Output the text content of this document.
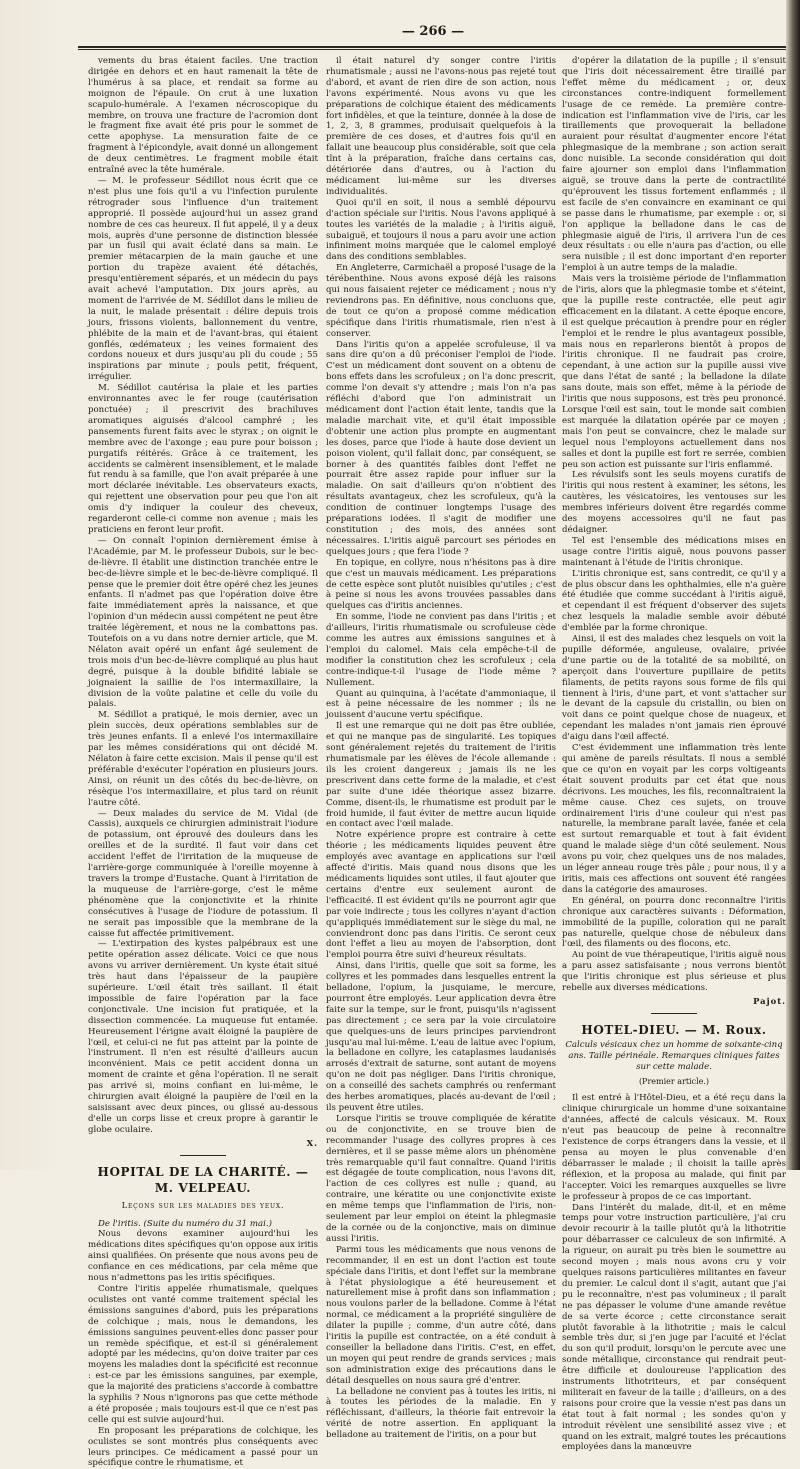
— 266 —

vements du bras étaient faciles. Une traction dirigée en dehors et en haut ramenait la tête de l'humérus à sa place, et rendait sa forme au moignon de l'épaule. On crut à une luxation scapulo-humérale. A l'examen nécroscopique du membre, on trouva une fracture de l'acromion dont le fragment fixe avait été pris pour le sommet de cette apophyse. La mensuration faite de ce fragment à l'épicondyle, avait donné un allongement de deux centimètres. Le fragment mobile était entraîné avec la tête humérale.

— M. le professeur Sédillot nous écrit que ce n'est plus une fois qu'il a vu l'infection purulente rétrograder sous l'influence d'un traitement approprié. Il possède aujourd'hui un assez grand nombre de ces cas heureux. Il fut appelé, il y a deux mois, auprès d'une personne de distinction blessée par un fusil qui avait éclaté dans sa main. Le premier métacarpien de la main gauche et une portion du trapèze avaient été détachés, presqu'entièrement séparés, et un médecin du pays avait achevé l'amputation. Dix jours après, au moment de l'arrivée de M. Sédillot dans le milieu de la nuit, le malade présentait : délire depuis trois jours, frissons violents, ballonnement du ventre, phlébite de la main et de l'avant-bras, qui étaient gonflés, œdémateux ; les veines formaient des cordons noueux et durs jusqu'au pli du coude ; 55 inspirations par minute ; pouls petit, fréquent, irrégulier.

M. Sédillot cautérisa la plaie et les parties environnantes avec le fer rouge (cautérisation ponctuée) ; il prescrivit des brachiluves aromatiques aiguisés d'alcool camphré ; les pansements furent faits avec le styrax ; on oignit le membre avec de l'axonge ; eau pure pour boisson ; purgatifs réitérés. Grâce à ce traitement, les accidents se calmèrent insensiblement, et le malade fut rendu à sa famille, que l'on avait préparée à une mort déclarée inévitable. Les observateurs exacts, qui rejettent une observation pour peu que l'on ait omis d'y indiquer la couleur des cheveux, regarderont celle-ci comme non avenue ; mais les praticiens en feront leur profit.

— On connaît l'opinion dernièrement émise à l'Académie, par M. le professeur Dubois, sur le bec-de-lièvre. Il établit une distinction tranchée entre le bec-de-lièvre simple et le bec-de-lièvre compliqué. Il pense que le premier doit être opéré chez les jeunes enfants. Il n'admet pas que l'opération doive être faite immédiatement après la naissance, et que l'opinion d'un médecin aussi compétent ne peut être traitée légèrement, et nous ne la combattons pas. Toutefois on a vu dans notre dernier article, que M. Nélaton avait opéré un enfant âgé seulement de trois mois d'un bec-de-lièvre compliqué au plus haut degré, puisque à la double bifidité labiale se joignaient la saillie de l'os intermaxillaire, la division de la voûte palatine et celle du voile du palais.

M. Sédillot a pratiqué, le mois dernier, avec un plein succès, deux opérations semblables sur de très jeunes enfants. Il a enlevé l'os intermaxillaire par les mêmes considérations qui ont décidé M. Nélaton à faire cette excision. Mais il pense qu'il est préférable d'exécuter l'opération en plusieurs jours. Ainsi, on réunit un des côtés du bec-de-lièvre, on résèque l'os intermaxillaire, et plus tard on réunit l'autre côté.

— Deux malades du service de M. Vidal (de Cassis), auxquels ce chirurgien administrait l'iodure de potassium, ont éprouvé des douleurs dans les oreilles et de la surdité. Il faut voir dans cet accident l'effet de l'irritation de la muqueuse de l'arrière-gorge communiquée à l'oreille moyenne à travers la trompe d'Eustache. Quant à l'irritation de la muqueuse de l'arrière-gorge, c'est le même phénomène que la conjonctivite et la rhinite consécutives à l'usage de l'iodure de potassium. Il ne serait pas impossible que la membrane de la caisse fut affectée primitivement.

— L'extirpation des kystes palpébraux est une petite opération assez délicate. Voici ce que nous avons vu arriver dernièrement. Un kyste était situé très haut dans l'épaisseur de la paupière supérieure. L'œil était très saillant. Il était impossible de faire l'opération par la face conjonctivale. Une incision fut pratiquée, et la dissection commencée. La muqueuse fut entamée. Heureusement l'érigne avait éloigné la paupière de l'œil, et celui-ci ne fut pas atteint par la pointe de l'instrument. Il n'en est résulté d'ailleurs aucun inconvénient. Mais ce petit accident donna un moment de crainte et gêna l'opération. Il ne serait pas arrivé si, moins confiant en lui-même, le chirurgien avait éloigné la paupière de l'œil en la saisissant avec deux pinces, ou glissé au-dessous d'elle un corps lisse et creux propre à garantir le globe oculaire.

X.

HOPITAL DE LA CHARITÉ. — M. VELPEAU.

Leçons sur les maladies des yeux.

De l'iritis. (Suite du numéro du 31 mai.)

Nous devons examiner aujourd'hui les médications dites spécifiques qu'on oppose aux iritis ainsi qualifiées. On présente que nous avons peu de confiance en ces médications, par cela même que nous n'admettons pas les iritis spécifiques.

Contre l'iritis appelée rhumatismale, quelques oculistes ont vanté comme traitement spécial les émissions sanguines d'abord, puis les préparations de colchique ; mais, nous le demandons, les émissions sanguines peuvent-elles donc passer pour un remède spécifique, et est-il si généralement adopté par les médecins, qu'on doive traiter par ces moyens les maladies dont la spécificité est reconnue : est-ce par les émissions sanguines, par exemple, que la majorité des praticiens s'accorde à combattre la syphilis ? Nous n'ignorons pas que cette méthode a été proposée ; mais toujours est-il que ce n'est pas celle qui est suivie aujourd'hui.

En proposant les préparations de colchique, les oculistes se sont montrés plus conséquents avec leurs principes. Ce médicament a passé pour un spécifique contre le rhumatisme, et

il était naturel d'y songer contre l'iritis rhumatismale ; aussi ne l'avons-nous pas rejeté tout d'abord, et avant de rien dire de son action, nous l'avons expérimenté. Nous avons vu que les préparations de colchique étaient des médicaments fort infidèles, et que la teinture, donnée à la dose de 1, 2, 3, 8 grammes, produisait quelquefois à la première de ces doses, et d'autres fois qu'il en fallait une beaucoup plus considérable, soit que cela tînt à la préparation, fraîche dans certains cas, détériorée dans d'autres, ou à l'action du médicament lui-même sur les diverses individualités.

Quoi qu'il en soit, il nous a semblé dépourvu d'action spéciale sur l'iritis. Nous l'avons appliqué à toutes les variétés de la maladie ; à l'iritis aiguë, subaiguë, et toujours il nous a paru avoir une action infiniment moins marquée que le calomel employé dans des conditions semblables.

En Angleterre, Carmichaël a proposé l'usage de la térébenthine. Nous avons exposé déjà les raisons qui nous faisaient rejeter ce médicament ; nous n'y reviendrons pas. En définitive, nous concluons que, de tout ce qu'on a proposé comme médication spécifique dans l'iritis rhumatismale, rien n'est à conserver.

Dans l'iritis qu'on a appelée scrofuleuse, il va sans dire qu'on a dû préconiser l'emploi de l'iode. C'est un médicament dont souvent on a obtenu de bons effets dans les scrofuleux ; on l'a donc prescrit, comme l'on devait s'y attendre ; mais l'on n'a pas réfléchi d'abord que l'on administrait un médicament dont l'action était lente, tandis que la maladie marchait vite, et qu'il était impossible d'obtenir une action plus prompte en augmentant les doses, parce que l'iode à haute dose devient un poison violent, qu'il fallait donc, par conséquent, se borner à des quantités faibles dont l'effet ne pourrait être assez rapide pour influer sur la maladie. On sait d'ailleurs qu'on n'obtient des résultats avantageux, chez les scrofuleux, qu'à la condition de continuer longtemps l'usage des préparations iodées. Il s'agit de modifier une constitution ; des mois, des années sont nécessaires. L'iritis aiguë parcourt ses périodes en quelques jours ; que fera l'iode ?

En topique, en collyre, nous n'hésitons pas à dire que c'est un mauvais médicament. Les préparations de cette espèce sont plutôt nuisibles qu'utiles ; c'est à peine si nous les avons trouvées passables dans quelques cas d'iritis anciennes.

En somme, l'iode ne convient pas dans l'iritis ; et d'ailleurs, l'iritis rhumatismale ou scrofuleuse cède comme les autres aux émissions sanguines et à l'emploi du calomel. Mais cela empêche-t-il de modifier la constitution chez les scrofuleux ; cela contre-indique-t-il l'usage de l'iode même ? Nullement.

Quant au quinquina, à l'acétate d'ammoniaque, il est à peine nécessaire de les nommer ; ils ne jouissent d'aucune vertu spécifique.

Il est une remarque qui ne doit pas être oubliée, et qui ne manque pas de singularité. Les topiques sont généralement rejetés du traitement de l'iritis rhumatismale par les élèves de l'école allemande : ils les croient dangereux ; jamais ils ne les prescrivent dans cette forme de la maladie, et c'est par suite d'une idée théorique assez bizarre. Comme, disent-ils, le rhumatisme est produit par le froid humide, il faut éviter de mettre aucun liquide en contact avec l'œil malade.

Notre expérience propre est contraire à cette théorie ; les médicaments liquides peuvent être employés avec avantage en applications sur l'œil affecté d'iritis. Mais quand nous disons que les médicaments liquides sont utiles, il faut ajouter que certains d'entre eux seulement auront de l'efficacité. Il est évident qu'ils ne pourront agir que par voie indirecte ; tous les collyres n'ayant d'action qu'appliqués immédiatement sur le siège du mal, ne conviendront donc pas dans l'iritis. Ce seront ceux dont l'effet a lieu au moyen de l'absorption, dont l'emploi pourra être suivi d'heureux résultats.

Ainsi, dans l'iritis, quelle que soit sa forme, les collyres et les pommades dans lesquelles entrent la belladone, l'opium, la jusquiame, le mercure, pourront être employés. Leur application devra être faite sur la tempe, sur le front, puisqu'ils n'agissent pas directement ; ce sera par la voie circulatoire que quelques-uns de leurs principes parviendront jusqu'au mal lui-même. L'eau de laitue avec l'opium, la belladone en collyre, les cataplasmes laudanisés arrosés d'extrait de saturne, sont autant de moyens qu'on ne doit pas négliger. Dans l'iritis chronique, on a conseillé des sachets camphrés ou renfermant des herbes aromatiques, placés au-devant de l'œil ; ils peuvent être utiles.

Lorsque l'iritis se trouve compliquée de kératite ou de conjonctivite, en se trouve bien de recommander l'usage des collyres propres à ces dernières, et il se passe même alors un phénomène très remarquable qu'il faut connaître. Quand l'iritis est dégagée de toute complication, nous l'avons dit, l'action de ces collyres est nulle ; quand, au contraire, une kératite ou une conjonctivite existe en même temps que l'inflammation de l'iris, non-seulement par leur emploi on éteint la phlegmasie de la cornée ou de la conjonctive, mais on diminue aussi l'iritis.

Parmi tous les médicaments que nous venons de recommander, il en est un dont l'action est toute spéciale dans l'iritis, et dont l'effet sur la membrane à l'état physiologique a été heureusement et naturellement mise à profit dans son inflammation ; nous voulons parler de la belladone. Comme à l'état normal, ce médicament a la propriété singulière de dilater la pupille ; comme, d'un autre côté, dans l'iritis la pupille est contractée, on a été conduit à conseiller la belladone dans l'iritis. C'est, en effet, un moyen qui peut rendre de grands services ; mais son administration exige des précautions dans le détail desquelles on nous saura gré d'entrer.

La belladone ne convient pas à toutes les iritis, ni à toutes les périodes de la maladie. En y réfléchissant, d'ailleurs, la théorie fait entrevoir la vérité de notre assertion. En appliquant la belladone au traitement de l'iritis, on a pour but

d'opérer la dilatation de la pupille ; il s'ensuit que l'iris doit nécessairement être tiraillé par l'effet même du médicament ; or, deux circonstances contre-indiquent formellement l'usage de ce remède. La première contre-indication est l'inflammation vive de l'iris, car les tiraillements que provoquerait la belladone auraient pour résultat d'augmenter encore l'état phlegmasique de la membrane ; son action serait donc nuisible. La seconde considération qui doit faire ajourner son emploi dans l'inflammation aiguë, se trouve dans la perte de contractilité qu'éprouvent les tissus fortement enflammés ; il est facile de s'en convaincre en examinant ce qui se passe dans le rhumatisme, par exemple : or, si l'on applique la belladone dans le cas de phlegmasie aiguë de l'iris, il arrivera l'un de ces deux résultats : ou elle n'aura pas d'action, ou elle sera nuisible ; il est donc important d'en reporter l'emploi à un autre temps de la maladie.

Mais vers la troisième période de l'inflammation de l'iris, alors que la phlegmasie tombe et s'éteint, que la pupille reste contractée, elle peut agir efficacement en la dilatant. A cette époque encore, il est quelque précaution à prendre pour en régler l'emploi et le rendre le plus avantageux possible, mais nous en reparlerons bientôt à propos de l'iritis chronique. Il ne faudrait pas croire, cependant, à une action sur la pupille aussi vive que dans l'état de santé ; la belladone la dilate sans doute, mais son effet, même à la période de l'iritis que nous supposons, est très peu prononcé. Lorsque l'œil est sain, tout le monde sait combien est marquée la dilatation opérée par ce moyen ; mais l'on peut se convaincre, chez le malade sur lequel nous l'employons actuellement dans nos salles et dont la pupille est fort re serrée, combien peu son action est puissante sur l'iris enflammé.

Les révulsifs sont les seuls moyens curatifs de l'iritis qui nous restent à examiner, les sétons, les cautères, les vésicatoires, les ventouses sur les membres inférieurs doivent être regardés comme des moyens accessoires qu'il ne faut pas dédaigner.

Tel est l'ensemble des médications mises en usage contre l'iritis aiguë, nous pouvons passer maintenant à l'étude de l'iritis chronique.

L'iritis chronique est, sans contredit, ce qu'il y a de plus obscur dans les ophthalmies, elle n'a guère été étudiée que comme succédant à l'iritis aiguë, et cependant il est fréquent d'observer des sujets chez lesquels la maladie semble avoir débuté d'emblée par la forme chronique.

Ainsi, il est des malades chez lesquels on voit la pupille déformée, anguleuse, ovalaire, privée d'une partie ou de la totalité de sa mobilité, on aperçoit dans l'ouverture pupillaire de petits filaments, de petits rayons sous forme de fils qui tiennent à l'iris, d'une part, et vont s'attacher sur le devant de la capsule du cristallin, ou bien on voit dans ce point quelque chose de nuageux, et cependant les malades n'ont jamais rien éprouvé d'aigu dans l'œil affecté.

C'est évidemment une inflammation très lente qui amène de pareils résultats. Il nous a semblé que ce qu'on en voyait par les corps voltigeants était souvent produits par cet état que nous décrivons. Les mouches, les fils, reconnaîtraient la même cause. Chez ces sujets, on trouve ordinairement l'iris d'une couleur qui n'est pas naturelle, la membrane paraît lavée, fanée et cela est surtout remarquable et tout à fait évident quand le malade siège d'un côté seulement. Nous avons pu voir, chez quelques uns de nos malades, un léger anneau rouge très pâle ; pour nous, il y a iritis, mais ces affections ont souvent été rangées dans la catégorie des amauroses.

En général, on pourra donc reconnaître l'iritis chronique aux caractères suivants : Déformation, immobilité de la pupille, coloration qui ne paraît pas naturelle, quelque chose de nébuleux dans l'œil, des filaments ou des flocons, etc.

Au point de vue thérapeutique, l'iritis aiguë nous a paru assez satisfaisante ; nous verrons bientôt que l'iritis chronique est plus sérieuse et plus rebelle aux diverses médications.

Pajot.

HOTEL-DIEU. — M. Roux.

Calculs vésicaux chez un homme de soixante-cinq ans. Taille périnéale. Remarques cliniques faites sur cette malade.

(Premier article.)

Il est entré à l'Hôtel-Dieu, et a été reçu dans la clinique chirurgicale un homme d'une soixantaine d'années, affecté de calculs vésicaux. M. Roux n'eut pas beaucoup de peine à reconnaître l'existence de corps étrangers dans la vessie, et il pensa au moyen le plus convenable d'en débarrasser le malade ; il choisit la taille après réflexion, et la proposa au malade, qui finit par l'accepter. Voici les remarques auxquelles se livre le professeur à propos de ce cas important.

Dans l'intérêt du malade, dit-il, et en même temps pour votre instruction particulière, j'ai cru devoir recourir à la taille plutôt qu'à la lithotritie pour débarrasser ce calculeux de son infirmité. A la rigueur, on aurait pu très bien le soumettre au second moyen ; mais nous avons cru y voir quelques raisons particulières militantes en faveur du premier. Le calcul dont il s'agit, autant que j'ai pu le reconnaître, n'est pas volumineux ; il paraît ne pas dépasser le volume d'une amande revêtue de sa verte écorce ; cette circonstance serait plutôt favorable à la lithotritie ; mais le calcul semble très dur, si j'en juge par l'acuité et l'éclat du son qu'il produit, lorsqu'on le percute avec une sonde métallique, circonstance qui rendrait peut-être difficile et douloureuse l'application des instruments lithotriteurs, et par conséquent militerait en faveur de la taille ; d'ailleurs, on a des raisons pour croire que la vessie n'est pas dans un état tout à fait normal ; les sondes qu'on y introduit révèlent une sensibilité assez vive ; et quand on les extrait, malgré toutes les précautions employées dans la manœuvre
